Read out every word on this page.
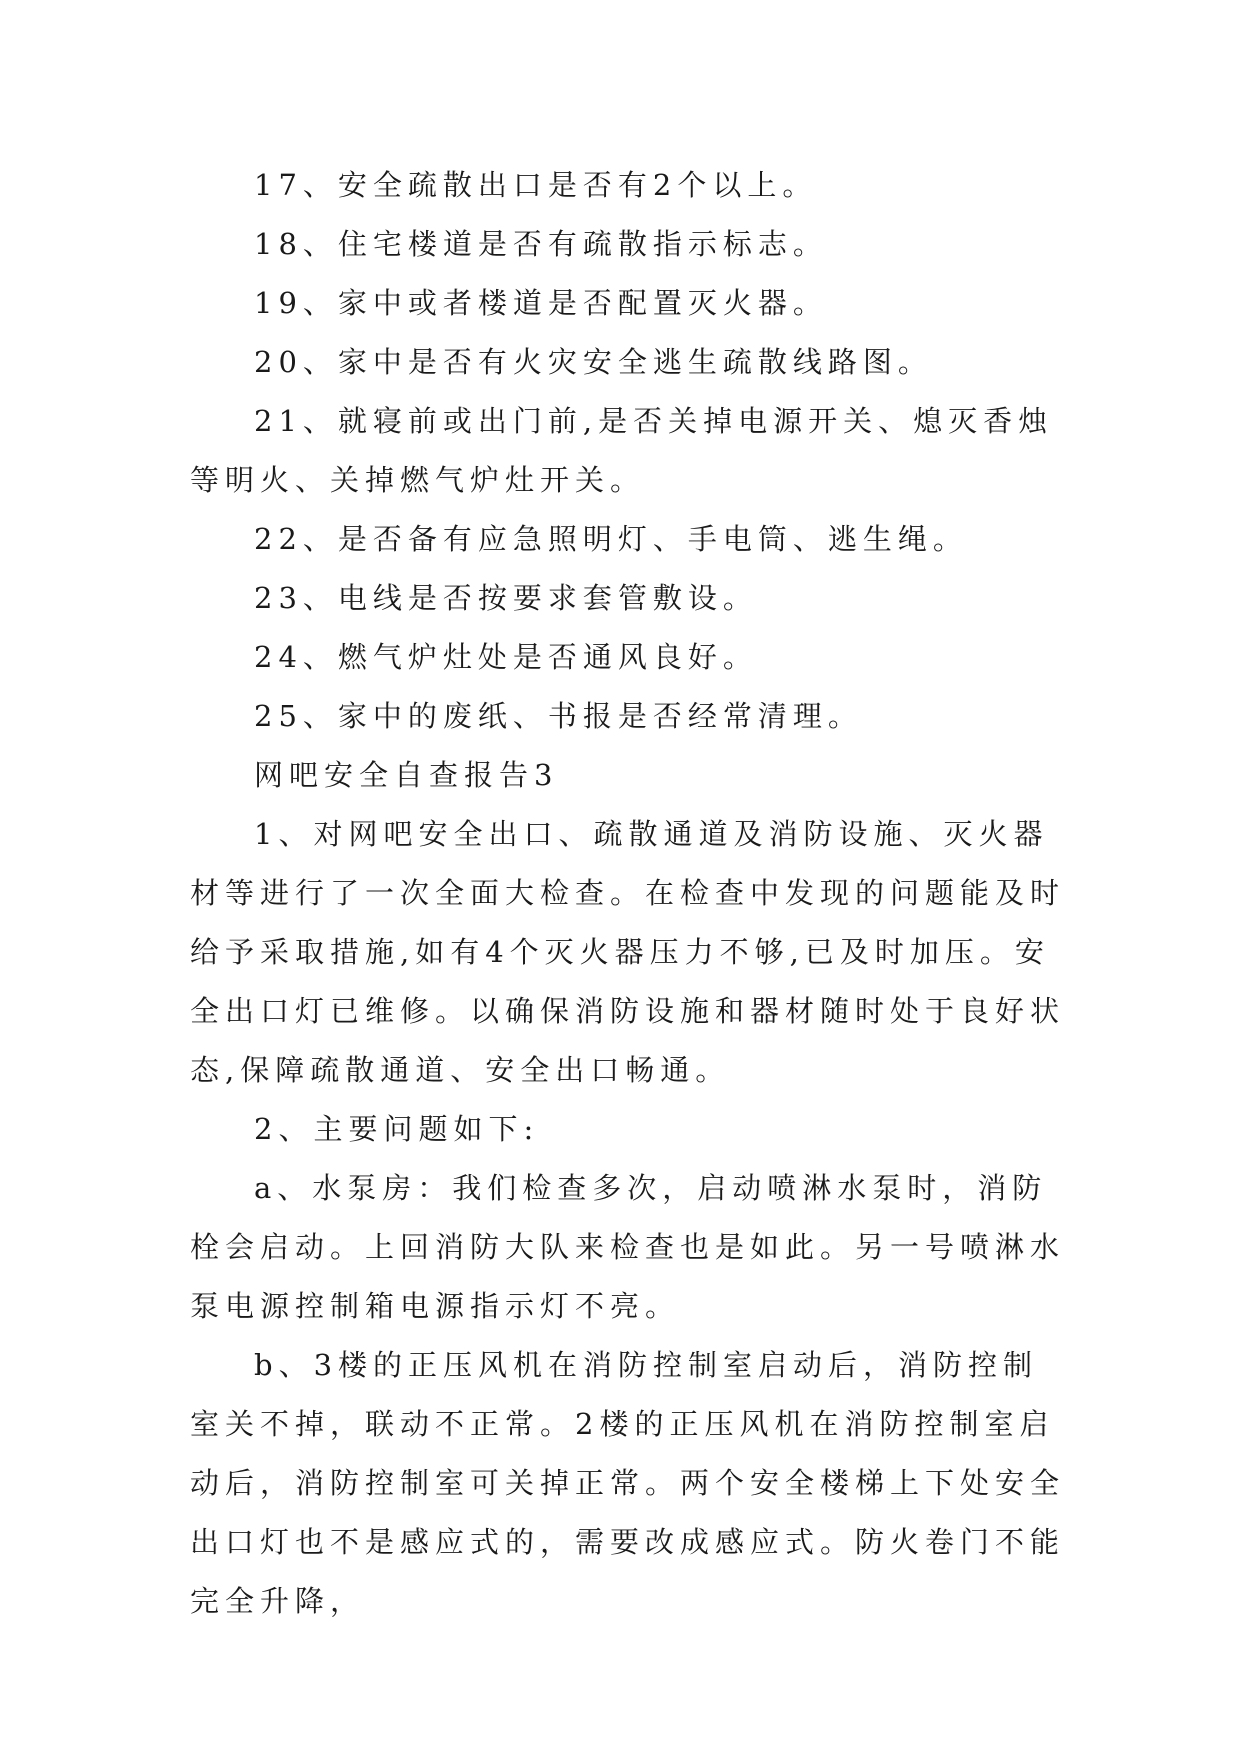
17、安全疏散出口是否有2个以上。

18、住宅楼道是否有疏散指示标志。

19、家中或者楼道是否配置灭火器。

20、家中是否有火灾安全逃生疏散线路图。

21、就寝前或出门前,是否关掉电源开关、熄灭香烛等明火、关掉燃气炉灶开关。

22、是否备有应急照明灯、手电筒、逃生绳。

23、电线是否按要求套管敷设。

24、燃气炉灶处是否通风良好。

25、家中的废纸、书报是否经常清理。

网吧安全自查报告3

1、对网吧安全出口、疏散通道及消防设施、灭火器材等进行了一次全面大检查。在检查中发现的问题能及时给予采取措施,如有4个灭火器压力不够,已及时加压。安全出口灯已维修。以确保消防设施和器材随时处于良好状态,保障疏散通道、安全出口畅通。

2、主要问题如下:

a、水泵房：我们检查多次，启动喷淋水泵时，消防栓会启动。上回消防大队来检查也是如此。另一号喷淋水泵电源控制箱电源指示灯不亮。

b、3楼的正压风机在消防控制室启动后，消防控制室关不掉，联动不正常。2楼的正压风机在消防控制室启动后，消防控制室可关掉正常。两个安全楼梯上下处安全出口灯也不是感应式的，需要改成感应式。防火卷门不能完全升降，
